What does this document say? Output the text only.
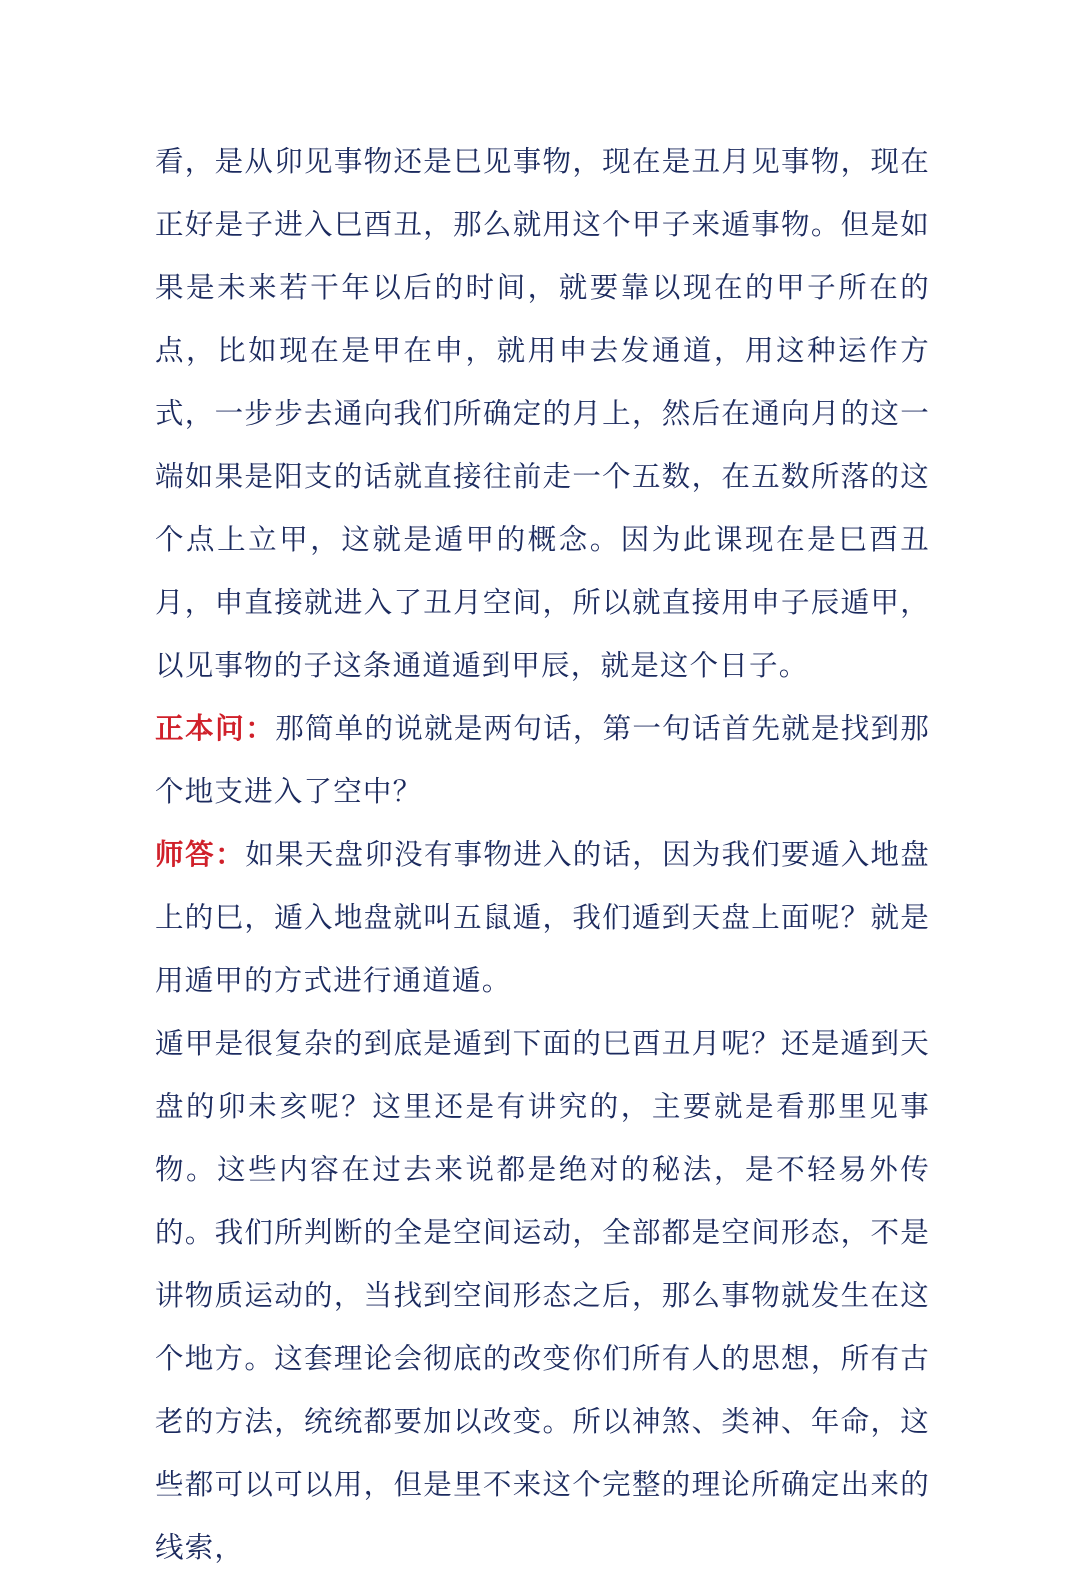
看，是从卯见事物还是巳见事物，现在是丑月见事物，现在正好是子进入巳酉丑，那么就用这个甲子来遁事物。但是如果是未来若干年以后的时间，就要靠以现在的甲子所在的点，比如现在是甲在申，就用申去发通道，用这种运作方式，一步步去通向我们所确定的月上，然后在通向月的这一端如果是阳支的话就直接往前走一个五数，在五数所落的这个点上立甲，这就是遁甲的概念。因为此课现在是巳酉丑月，申直接就进入了丑月空间，所以就直接用申子辰遁甲，以见事物的子这条通道遁到甲辰，就是这个日子。

正本问：那简单的说就是两句话，第一句话首先就是找到那个地支进入了空中？

师答：如果天盘卯没有事物进入的话，因为我们要遁入地盘上的巳，遁入地盘就叫五鼠遁，我们遁到天盘上面呢？就是用遁甲的方式进行通道遁。

遁甲是很复杂的到底是遁到下面的巳酉丑月呢？还是遁到天盘的卯未亥呢？这里还是有讲究的，主要就是看那里见事物。这些内容在过去来说都是绝对的秘法，是不轻易外传的。我们所判断的全是空间运动，全部都是空间形态，不是讲物质运动的，当找到空间形态之后，那么事物就发生在这个地方。这套理论会彻底的改变你们所有人的思想，所有古老的方法，统统都要加以改变。所以神煞、类神、年命，这些都可以可以用，但是里不来这个完整的理论所确定出来的线索，
